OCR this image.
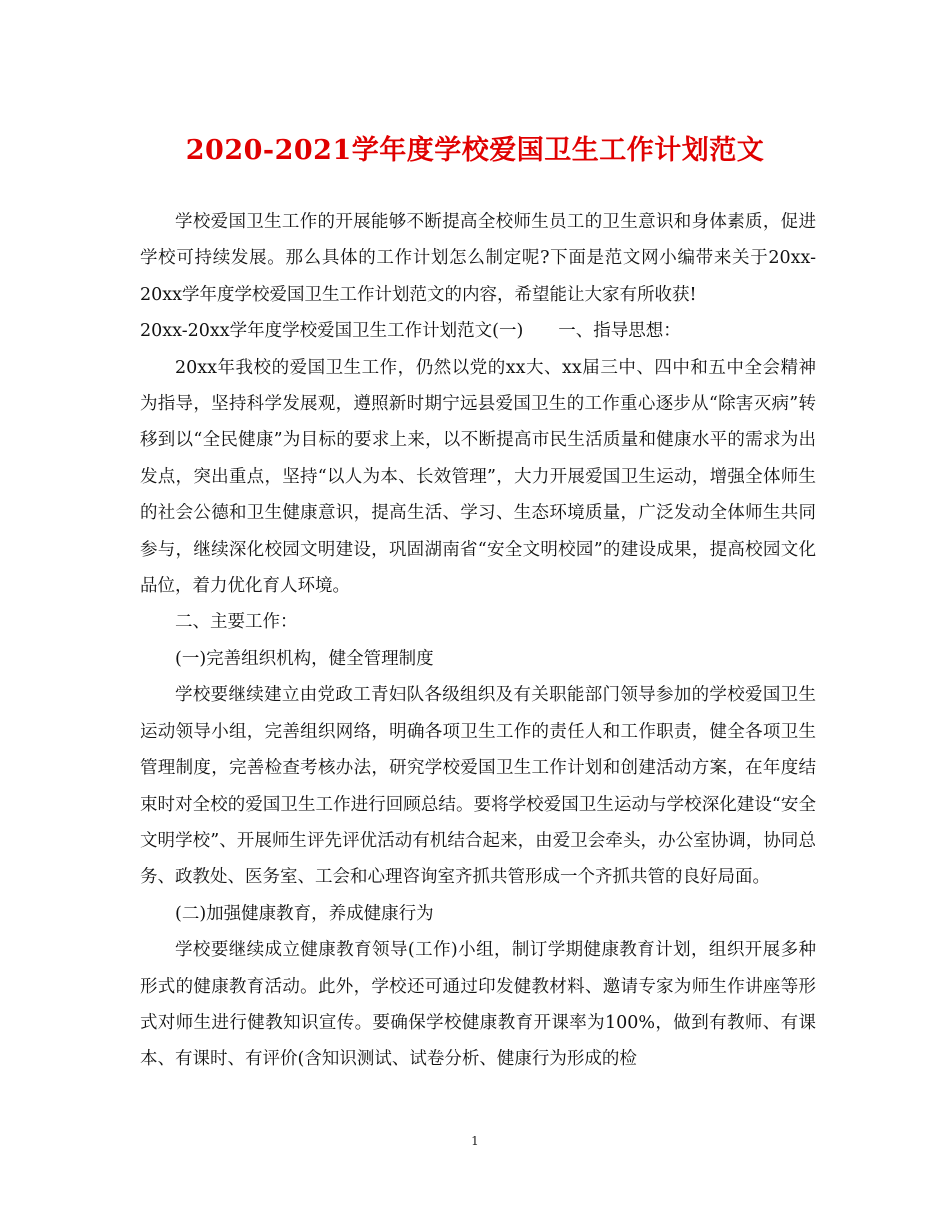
2020-2021学年度学校爱国卫生工作计划范文

学校爱国卫生工作的开展能够不断提高全校师生员工的卫生意识和身体素质，促进学校可持续发展。那么具体的工作计划怎么制定呢?下面是范文网小编带来关于20xx-20xx学年度学校爱国卫生工作计划范文的内容，希望能让大家有所收获!

20xx-20xx学年度学校爱国卫生工作计划范文(一)　　一、指导思想：

20xx年我校的爱国卫生工作，仍然以党的xx大、xx届三中、四中和五中全会精神为指导，坚持科学发展观，遵照新时期宁远县爱国卫生的工作重心逐步从“除害灭病”转移到以“全民健康”为目标的要求上来，以不断提高市民生活质量和健康水平的需求为出发点，突出重点，坚持“以人为本、长效管理”，大力开展爱国卫生运动，增强全体师生的社会公德和卫生健康意识，提高生活、学习、生态环境质量，广泛发动全体师生共同参与，继续深化校园文明建设，巩固湖南省“安全文明校园”的建设成果，提高校园文化品位，着力优化育人环境。

二、主要工作：

(一)完善组织机构，健全管理制度

学校要继续建立由党政工青妇队各级组织及有关职能部门领导参加的学校爱国卫生运动领导小组，完善组织网络，明确各项卫生工作的责任人和工作职责，健全各项卫生管理制度，完善检查考核办法，研究学校爱国卫生工作计划和创建活动方案，在年度结束时对全校的爱国卫生工作进行回顾总结。要将学校爱国卫生运动与学校深化建设“安全文明学校”、开展师生评先评优活动有机结合起来，由爱卫会牵头，办公室协调，协同总务、政教处、医务室、工会和心理咨询室齐抓共管形成一个齐抓共管的良好局面。

(二)加强健康教育，养成健康行为

学校要继续成立健康教育领导(工作)小组，制订学期健康教育计划，组织开展多种形式的健康教育活动。此外，学校还可通过印发健教材料、邀请专家为师生作讲座等形式对师生进行健教知识宣传。要确保学校健康教育开课率为100%，做到有教师、有课本、有课时、有评价(含知识测试、试卷分析、健康行为形成的检

1
